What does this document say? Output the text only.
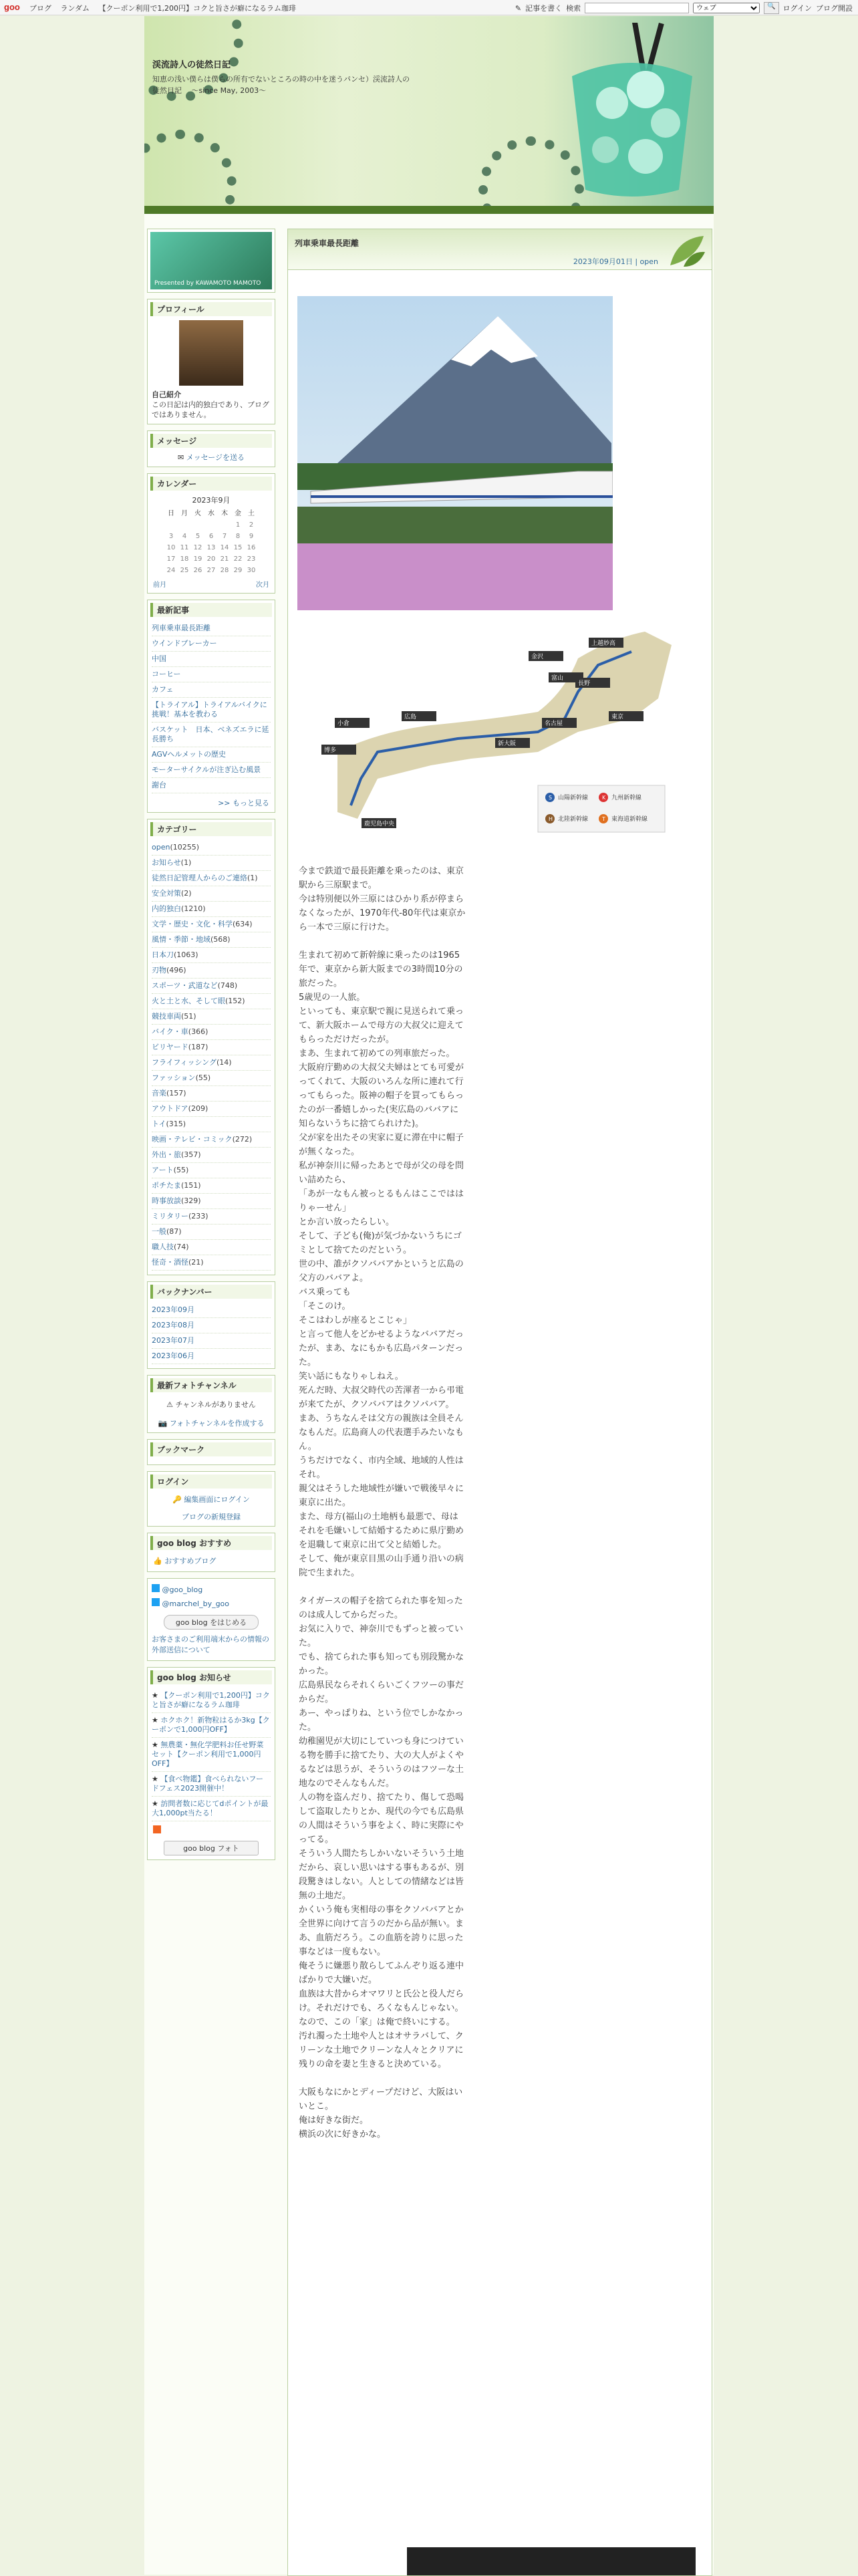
goo ブログ ランダム 【クーポン利用で1,200円】コクと旨さが癖になるラム珈琲	✎ 記事を書く 検索
ウェブ	🔍	ログイン ブログ開設
渓流詩人の徒然日記
知恵の浅い僕らは僕らの所有でないところの時の中を迷うパンセ）渓流詩人の徒然日記 　〜since May, 2003〜
Presented by KAWAMOTO MAMOTO
プロフィール
自己紹介
この日記は内的独白であり、ブログではありません。
メッセージ
✉ メッセージを送る
カレンダー
2023年9月
日	月	火	水	木	金	土
					1	2
3	4	5	6	7	8	9
10	11	12	13	14	15	16
17	18	19	20	21	22	23
24	25	26	27	28	29	30
前月	次月
最新記事
列車乗車最長距離
ウインドブレーカー
中国
コーヒー
カフェ
【トライアル】トライアルバイクに挑戦！基本を教わる
バスケット　日本、ベネズエラに延長勝ち
AGVヘルメットの歴史
モーターサイクルが注ぎ込む風景
謝台
>> もっと見る
カテゴリー
open(10255)
お知らせ(1)
徒然日記管理人からのご連絡(1)
安全対策(2)
内的独白(1210)
文学・歴史・文化・科学(634)
風情・季節・地域(568)
日本刀(1063)
刃物(496)
スポーツ・武道など(748)
火と土と水、そして眼(152)
競技車両(51)
バイク・車(366)
ビリヤード(187)
フライフィッシング(14)
ファッション(55)
音楽(157)
アウトドア(209)
トイ(315)
映画・テレビ・コミック(272)
外出・旅(357)
アート(55)
ポチたま(151)
時事放談(329)
ミリタリー(233)
一般(87)
職人技(74)
怪奇・酒怪(21)
バックナンバー
2023年09月
2023年08月
2023年07月
2023年06月
最新フォトチャンネル
⚠ チャンネルがありません
📷 フォトチャンネルを作成する
ブックマーク
ログイン
🔑 編集画面にログイン
ブログの新規登録
goo blog おすすめ
👍 おすすめブログ
@goo_blog
@marchel_by_goo
goo blog をはじめる
お客さまのご利用端末からの情報の外部送信について
goo blog お知らせ
★ 【クーポン利用で1,200円】コクと旨さが癖になるラム珈琲
★ ホクホク！新物粒はるか3kg【クーポンで1,000円OFF】
★ 無農薬・無化学肥料お任せ野菜セット【クーポン利用で1,000円OFF】
★ 【食べ物鑑】食べられないフードフェス2023開催中！
★ 訪問者数に応じてdポイントが最大1,000pt当たる！
goo blog フォト
列車乗車最長距離
2023年09月01日 | open
S 山陽新幹線	K 九州新幹線
H 北陸新幹線	T 東海道新幹線
上越妙高
金沢
富山
長野
東京
名古屋
新大阪
広島
小倉
博多
鹿児島中央

今まで鉄道で最長距離を乗ったのは、東京駅から三原駅まで。

今は特別便以外三原にはひかり系が停まらなくなったが、1970年代-80年代は東京から一本で三原に行けた。

生まれて初めて新幹線に乗ったのは1965年で、東京から新大阪までの3時間10分の旅だった。

5歳児の一人旅。

といっても、東京駅で親に見送られて乗って、新大阪ホームで母方の大叔父に迎えてもらっただけだったが。

まあ、生まれて初めての列車旅だった。

大阪府庁勤めの大叔父夫婦はとても可愛がってくれて、大阪のいろんな所に連れて行ってもらった。阪神の帽子を買ってもらったのが一番嬉しかった(実広島のババアに知らないうちに捨てられけた)。

父が家を出たその実家に夏に滞在中に帽子が無くなった。

私が神奈川に帰ったあとで母が父の母を問い詰めたら、

「あが一なもん被っとるもんはここでははりゃーせん」

とか言い放ったらしい。

そして、子ども(俺)が気づかないうちにゴミとして捨てたのだという。

世の中、誰がクソババアかというと広島の父方のババアよ。

バス乗っても

「そこのけ。

そこはわしが座るとこじゃ」

と言って他人をどかせるようなババアだったが、まあ、なにもかも広島パターンだった。

笑い話にもなりゃしねえ。

死んだ時、大叔父時代の苦渾者一から弔電が来てたが、クソババアはクソババア。

まあ、うちなんそは父方の親族は全員そんなもんだ。広島商人の代表選手みたいなもん。

うちだけでなく、市内全域、地域的人性はそれ。

親父はそうした地域性が嫌いで戦後早々に東京に出た。

また、母方(福山の土地柄も最悪で、母はそれを毛嫌いして結婚するために県庁勤めを退職して東京に出て父と結婚した。

そして、俺が東京目黒の山手通り沿いの病院で生まれた。

タイガースの帽子を捨てられた事を知ったのは成人してからだった。

お気に入りで、神奈川でもずっと被っていた。

でも、捨てられた事も知っても別段驚かなかった。

広島県民ならそれくらいごくフツーの事だからだ。

あー、やっぱりね、という位でしかなかった。

幼稚園児が大切にしていつも身につけている物を勝手に捨てたり、大の大人がよくやるなどは思うが、そういうのはフツーな土地なのでそんなもんだ。

人の物を盗んだり、捨てたり、傷して恐喝して盗取したりとか、現代の今でも広島県の人間はそういう事をよく、時に実際にやってる。

そういう人間たちしかいないそういう土地だから、哀しい思いはする事もあるが、別段驚きはしない。人としての情緒などは皆無の土地だ。

かくいう俺も実相母の事をクソババアとか全世界に向けて言うのだから品が無い。まあ、血筋だろう。この血筋を誇りに思った事などは一度もない。

俺そうに嫌悪り散らしてふんぞり返る連中ばかりで大嫌いだ。

血族は大昔からオマワリと氏公と役人だらけ。それだけでも、ろくなもんじゃない。

なので、この「家」は俺で終いにする。

汚れ濁った土地や人とはオサラバして、クリーンな土地でクリーンな人々とクリアに残りの命を妻と生きると決めている。

大阪もなにかとディープだけど、大阪はいいとこ。

俺は好きな街だ。

横浜の次に好きかな。
